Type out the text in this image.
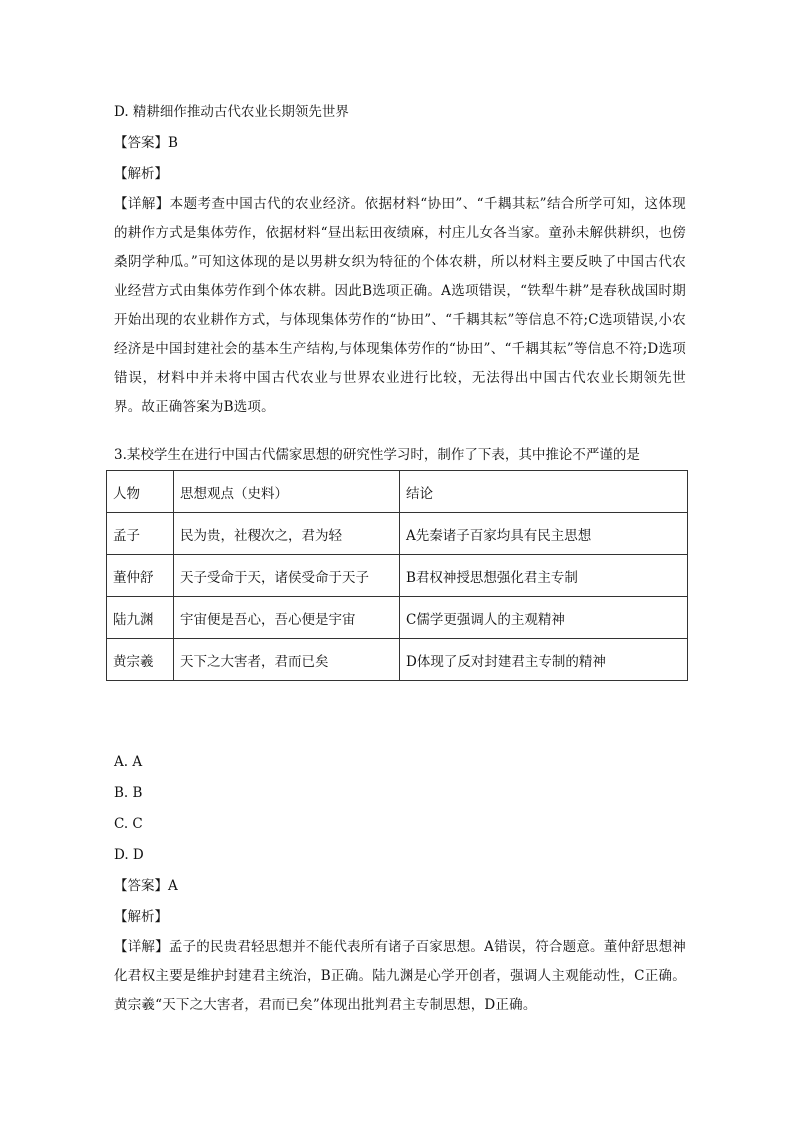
D. 精耕细作推动古代农业长期领先世界
【答案】B
【解析】
【详解】本题考查中国古代的农业经济。依据材料“协田”、“千耦其耘”结合所学可知，这体现的耕作方式是集体劳作，依据材料“昼出耘田夜绩麻，村庄儿女各当家。童孙未解供耕织，也傍桑阴学种瓜。”可知这体现的是以男耕女织为特征的个体农耕，所以材料主要反映了中国古代农业经营方式由集体劳作到个体农耕。因此B选项正确。A选项错误，“铁犁牛耕”是春秋战国时期开始出现的农业耕作方式，与体现集体劳作的“协田”、“千耦其耘”等信息不符;C选项错误,小农经济是中国封建社会的基本生产结构,与体现集体劳作的“协田”、“千耦其耘”等信息不符;D选项错误，材料中并未将中国古代农业与世界农业进行比较，无法得出中国古代农业长期领先世界。故正确答案为B选项。
3.某校学生在进行中国古代儒家思想的研究性学习时，制作了下表，其中推论不严谨的是
人物	思想观点（史料）	结论
孟子	民为贵，社稷次之，君为轻	A先秦诸子百家均具有民主思想
董仲舒	天子受命于天，诸侯受命于天子	B君权神授思想强化君主专制
陆九渊	宇宙便是吾心，吾心便是宇宙	C儒学更强调人的主观精神
黄宗羲	天下之大害者，君而已矣	D体现了反对封建君主专制的精神
A. A
B. B
C. C
D. D
【答案】A
【解析】
【详解】孟子的民贵君轻思想并不能代表所有诸子百家思想。A错误，符合题意。董仲舒思想神化君权主要是维护封建君主统治，B正确。陆九渊是心学开创者，强调人主观能动性，C正确。黄宗羲“天下之大害者，君而已矣”体现出批判君主专制思想，D正确。
